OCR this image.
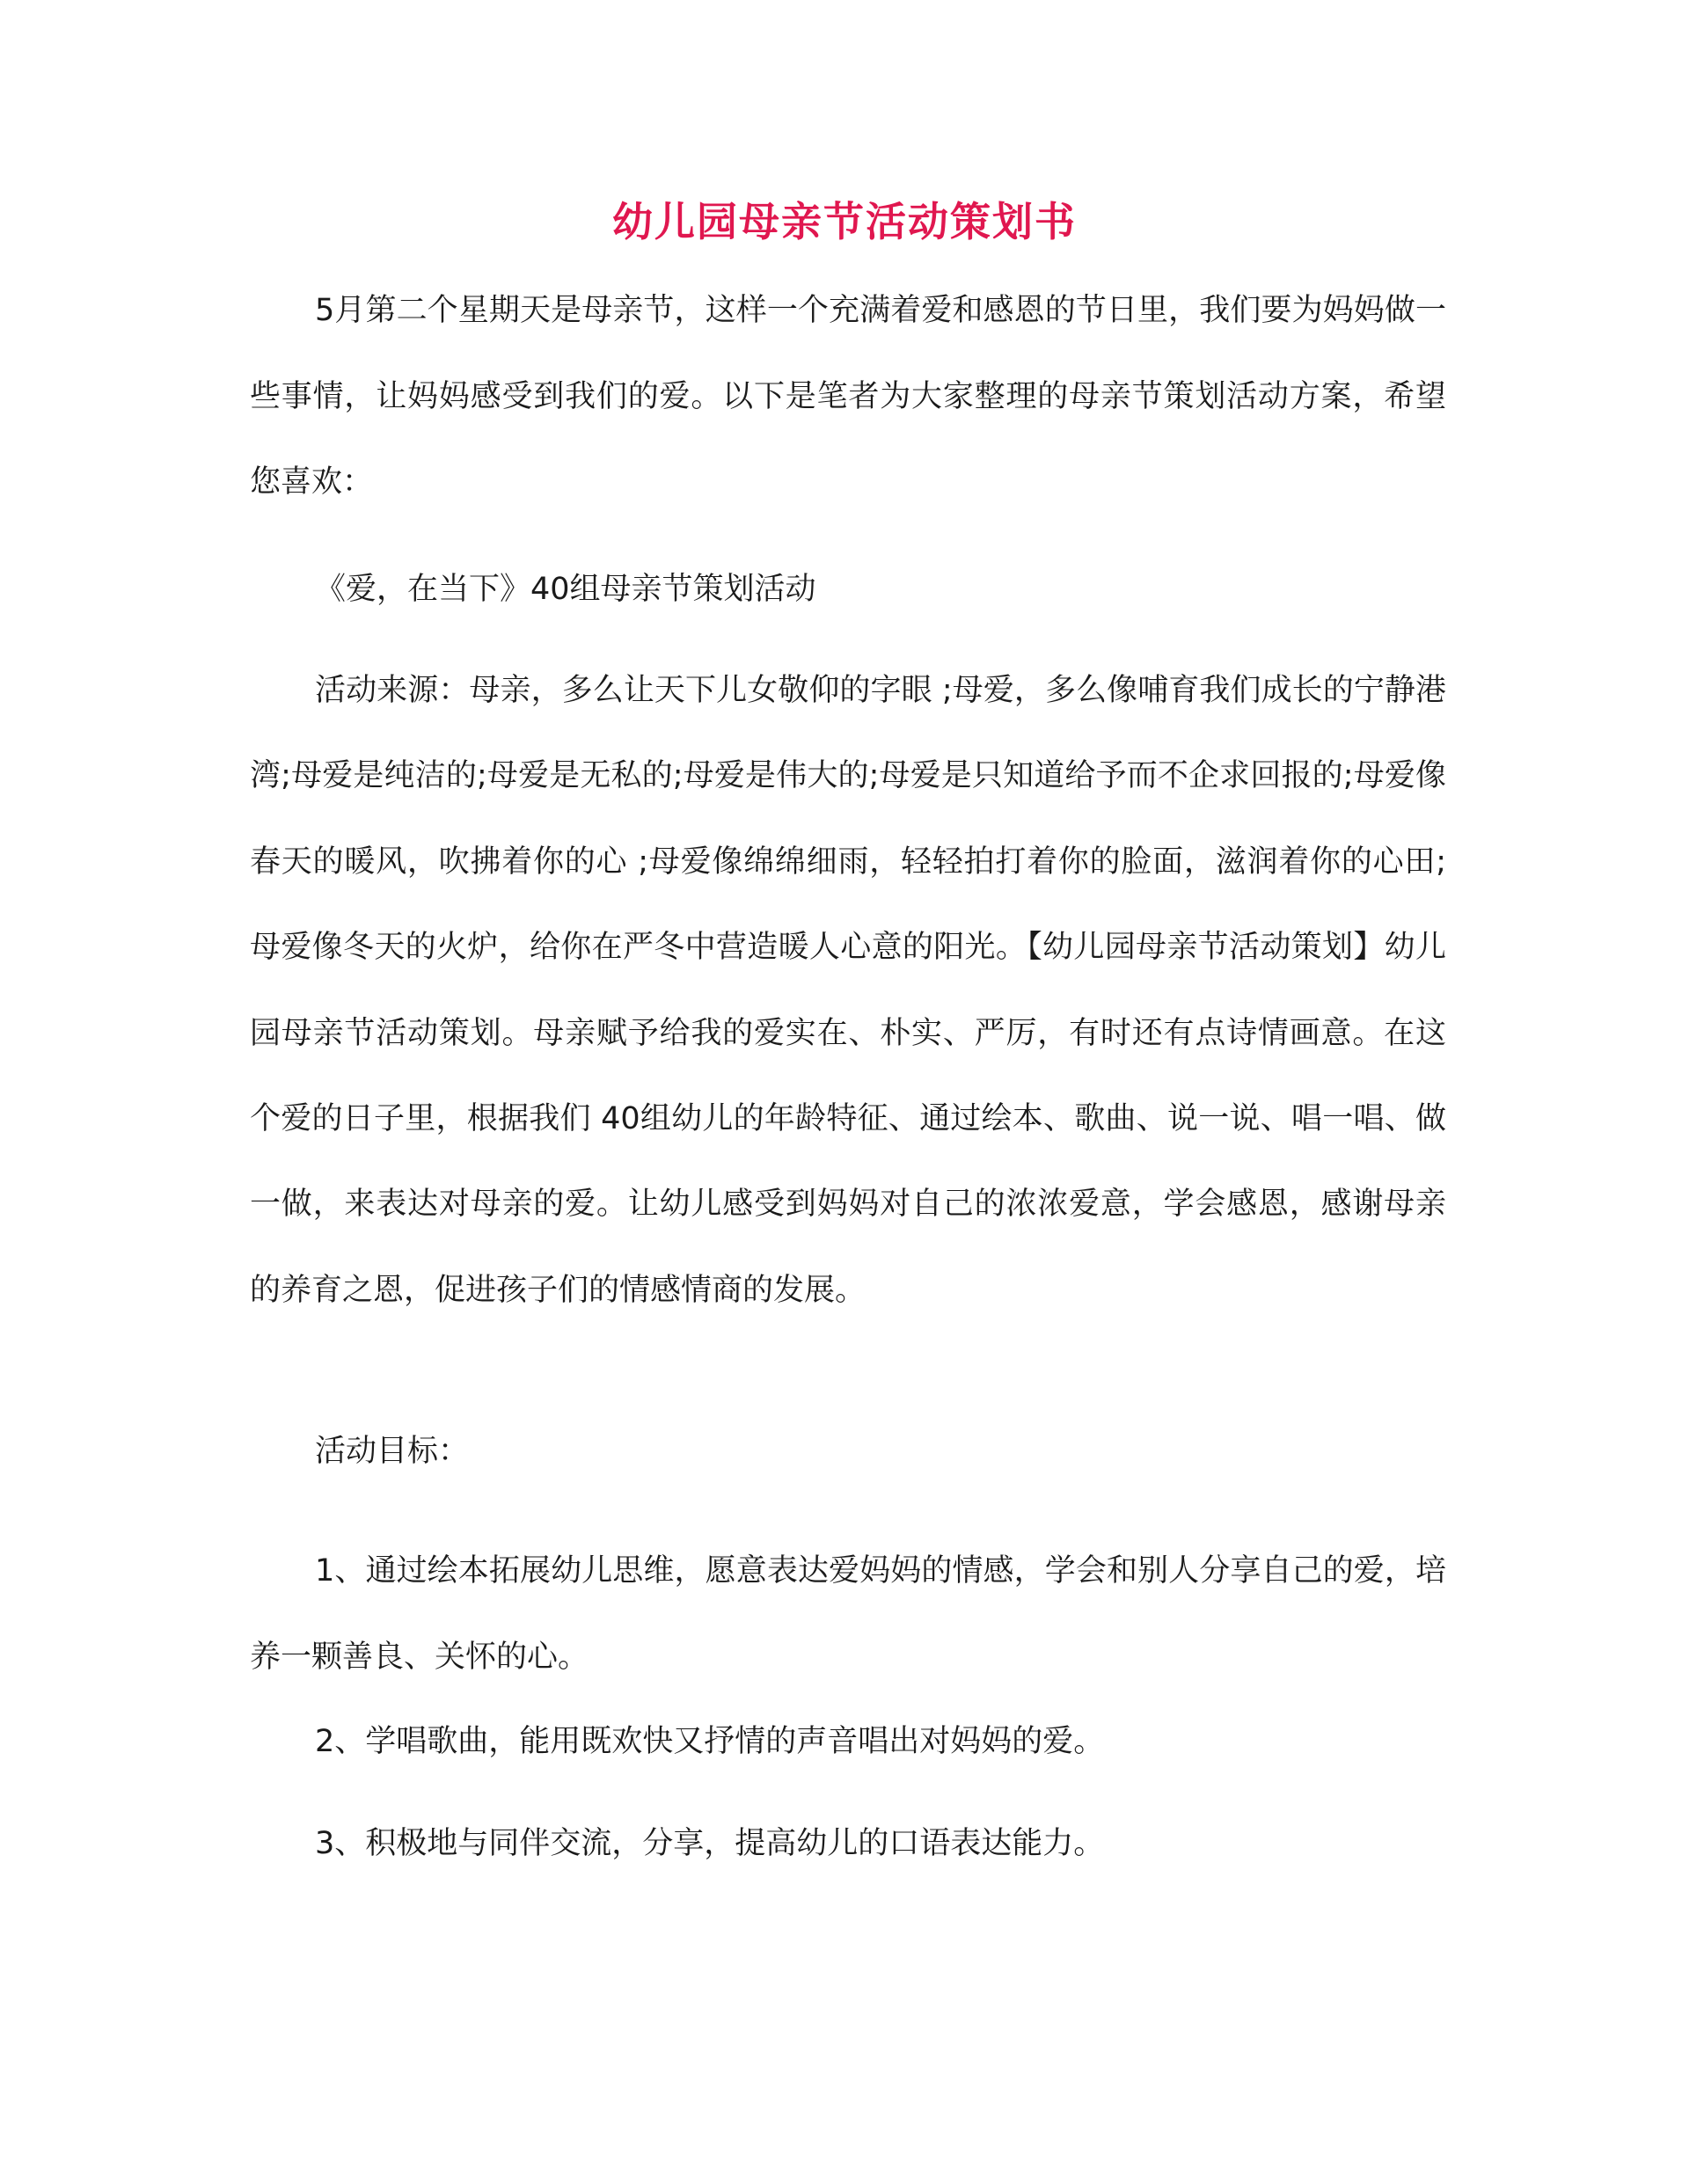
幼儿园母亲节活动策划书

5月第二个星期天是母亲节，这样一个充满着爱和感恩的节日里，我们要为妈妈做一些事情，让妈妈感受到我们的爱。以下是笔者为大家整理的母亲节策划活动方案，希望您喜欢：

《爱，在当下》40组母亲节策划活动

活动来源：母亲，多么让天下儿女敬仰的字眼 ;母爱，多么像哺育我们成长的宁静港湾;母爱是纯洁的;母爱是无私的;母爱是伟大的;母爱是只知道给予而不企求回报的;母爱像春天的暖风，吹拂着你的心 ;母爱像绵绵细雨，轻轻拍打着你的脸面，滋润着你的心田;母爱像冬天的火炉，给你在严冬中营造暖人心意的阳光。【幼儿园母亲节活动策划】幼儿园母亲节活动策划。母亲赋予给我的爱实在、朴实、严厉，有时还有点诗情画意。在这个爱的日子里，根据我们 40组幼儿的年龄特征、通过绘本、歌曲、说一说、唱一唱、做一做，来表达对母亲的爱。让幼儿感受到妈妈对自己的浓浓爱意，学会感恩，感谢母亲的养育之恩，促进孩子们的情感情商的发展。

活动目标：

1、通过绘本拓展幼儿思维，愿意表达爱妈妈的情感，学会和别人分享自己的爱，培养一颗善良、关怀的心。

2、学唱歌曲，能用既欢快又抒情的声音唱出对妈妈的爱。

3、积极地与同伴交流，分享，提高幼儿的口语表达能力。
